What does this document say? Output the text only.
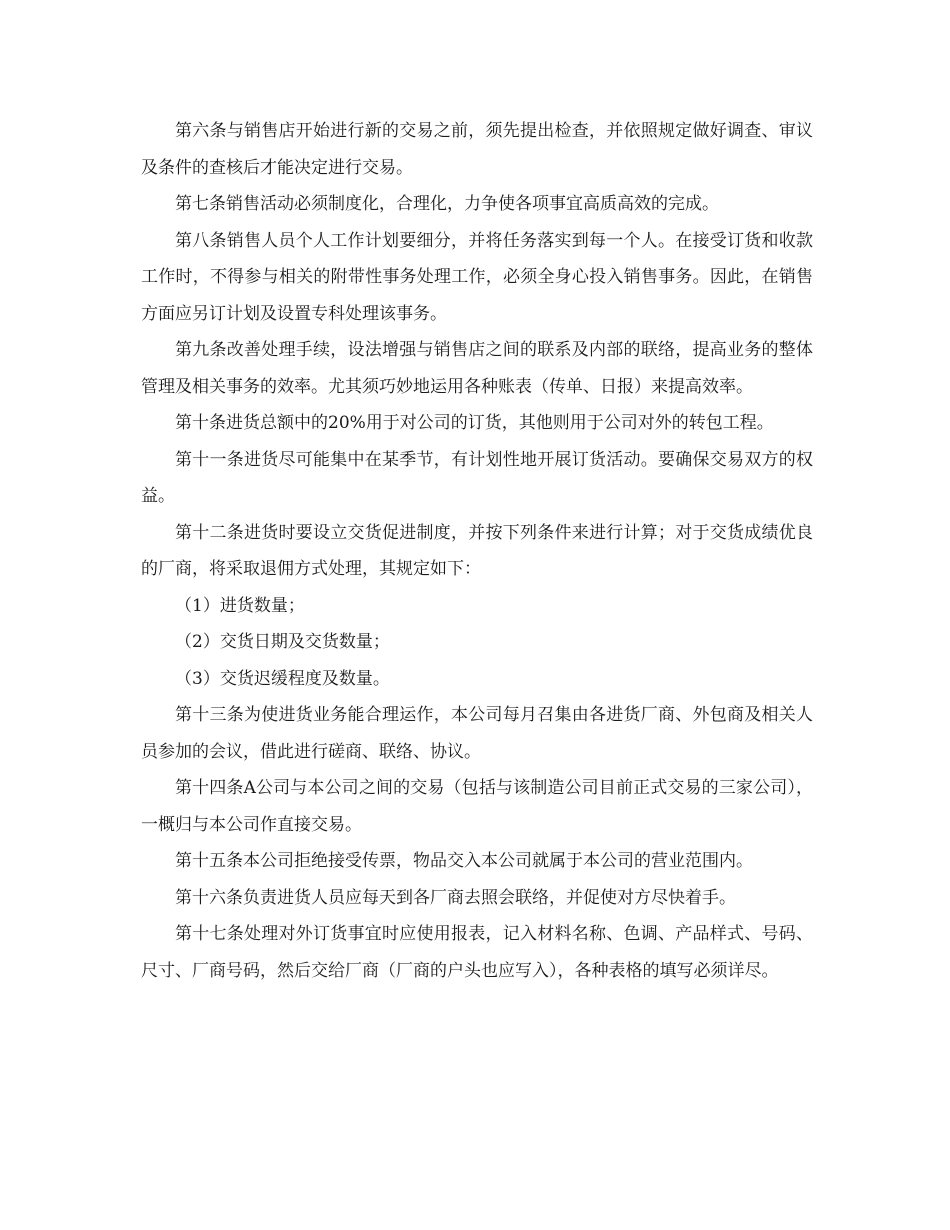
第六条与销售店开始进行新的交易之前，须先提出检查，并依照规定做好调查、审议及条件的查核后才能决定进行交易。

第七条销售活动必须制度化，合理化，力争使各项事宜高质高效的完成。

第八条销售人员个人工作计划要细分，并将任务落实到每一个人。在接受订货和收款工作时，不得参与相关的附带性事务处理工作，必须全身心投入销售事务。因此，在销售方面应另订计划及设置专科处理该事务。

第九条改善处理手续，设法增强与销售店之间的联系及内部的联络，提高业务的整体管理及相关事务的效率。尤其须巧妙地运用各种账表（传单、日报）来提高效率。

第十条进货总额中的20%用于对公司的订货，其他则用于公司对外的转包工程。

第十一条进货尽可能集中在某季节，有计划性地开展订货活动。要确保交易双方的权益。

第十二条进货时要设立交货促进制度，并按下列条件来进行计算；对于交货成绩优良的厂商，将采取退佣方式处理，其规定如下：

（1）进货数量；

（2）交货日期及交货数量；

（3）交货迟缓程度及数量。

第十三条为使进货业务能合理运作，本公司每月召集由各进货厂商、外包商及相关人员参加的会议，借此进行磋商、联络、协议。

第十四条A公司与本公司之间的交易（包括与该制造公司目前正式交易的三家公司），一概归与本公司作直接交易。

第十五条本公司拒绝接受传票，物品交入本公司就属于本公司的营业范围内。

第十六条负责进货人员应每天到各厂商去照会联络，并促使对方尽快着手。

第十七条处理对外订货事宜时应使用报表，记入材料名称、色调、产品样式、号码、尺寸、厂商号码，然后交给厂商（厂商的户头也应写入），各种表格的填写必须详尽。
